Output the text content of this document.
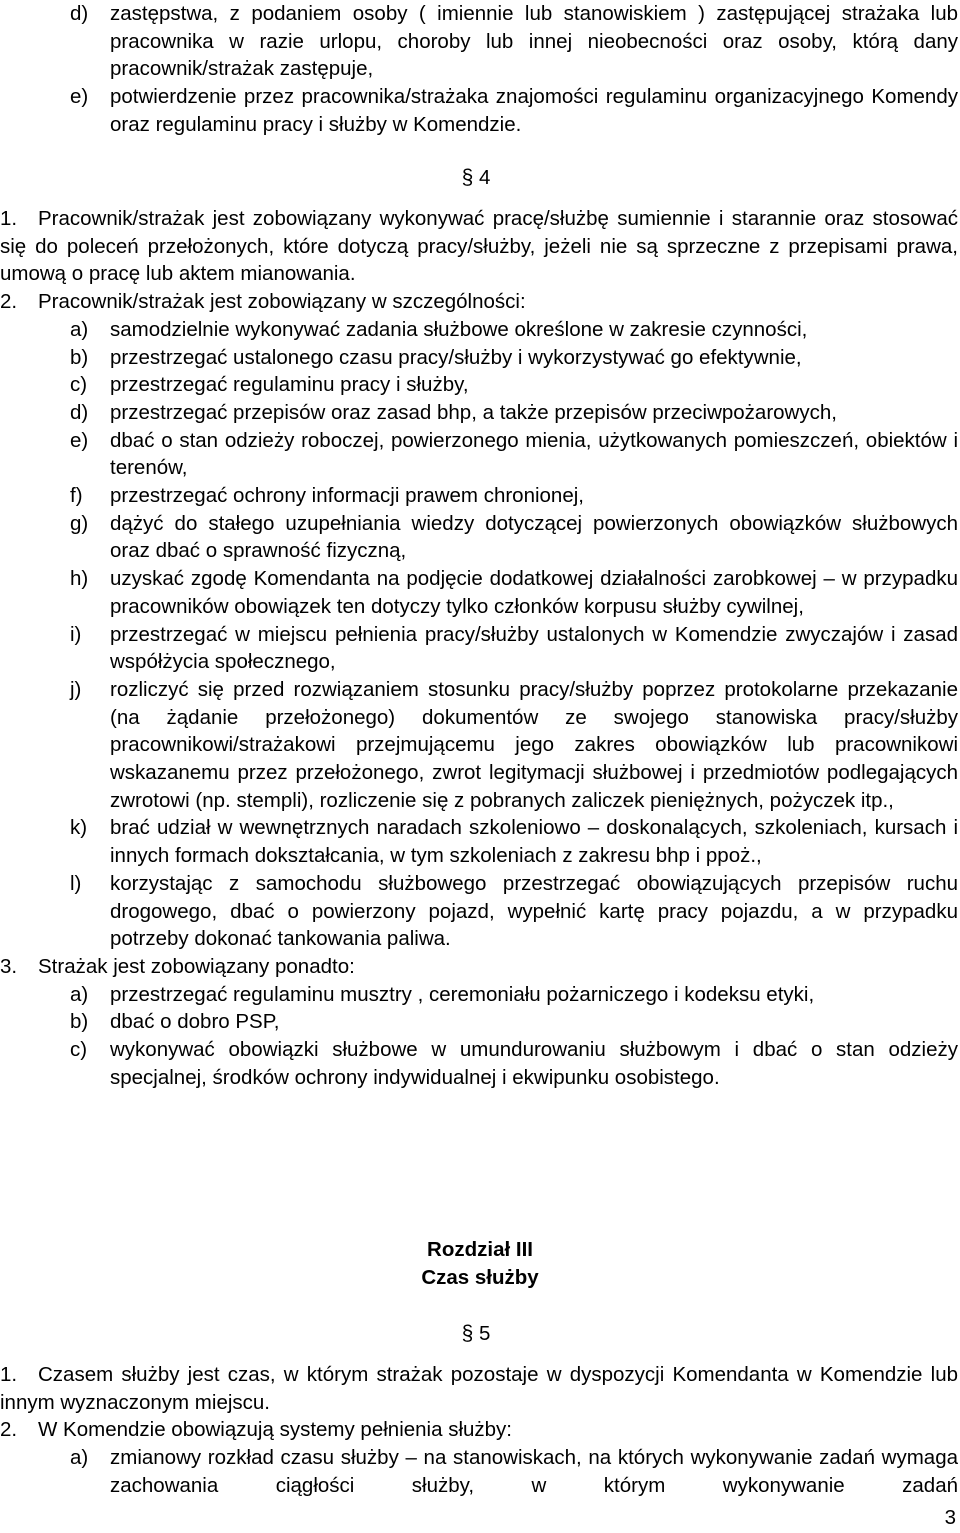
d)	zastępstwa, z podaniem osoby ( imiennie lub stanowiskiem ) zastępującej strażaka lub pracownika w razie urlopu, choroby lub innej nieobecności oraz osoby, którą dany pracownik/strażak zastępuje,
e)	potwierdzenie przez pracownika/strażaka znajomości regulaminu organizacyjnego Komendy oraz regulaminu pracy i służby w Komendzie.
§ 4
1.	Pracownik/strażak jest zobowiązany wykonywać pracę/służbę sumiennie i starannie oraz stosować się do poleceń przełożonych, które dotyczą pracy/służby, jeżeli nie są sprzeczne z przepisami prawa, umową o pracę lub aktem mianowania.
2.	Pracownik/strażak jest zobowiązany w szczególności:
a)	samodzielnie wykonywać zadania służbowe określone w zakresie czynności,
b)	przestrzegać ustalonego czasu pracy/służby i wykorzystywać go efektywnie,
c)	przestrzegać regulaminu pracy i służby,
d)	przestrzegać przepisów oraz zasad bhp, a także przepisów przeciwpożarowych,
e)	dbać o stan odzieży roboczej, powierzonego mienia, użytkowanych pomieszczeń, obiektów i terenów,
f)	przestrzegać ochrony informacji prawem chronionej,
g)	dążyć do stałego uzupełniania wiedzy dotyczącej powierzonych obowiązków służbowych oraz dbać o sprawność fizyczną,
h)	uzyskać zgodę Komendanta na podjęcie dodatkowej działalności zarobkowej – w przypadku pracowników obowiązek ten dotyczy tylko członków korpusu służby cywilnej,
i)	przestrzegać w miejscu pełnienia pracy/służby ustalonych w Komendzie zwyczajów i zasad współżycia społecznego,
j)	rozliczyć się przed rozwiązaniem stosunku pracy/służby poprzez protokolarne przekazanie (na żądanie przełożonego) dokumentów ze swojego stanowiska pracy/służby pracownikowi/strażakowi przejmującemu jego zakres obowiązków lub pracownikowi wskazanemu przez przełożonego, zwrot legitymacji służbowej i przedmiotów podlegających zwrotowi (np. stempli), rozliczenie się z pobranych zaliczek pieniężnych, pożyczek itp.,
k)	brać udział w wewnętrznych naradach szkoleniowo – doskonalących, szkoleniach, kursach i innych formach dokształcania, w tym szkoleniach z zakresu bhp i ppoż.,
l)	korzystając z samochodu służbowego przestrzegać obowiązujących przepisów ruchu drogowego, dbać o powierzony pojazd, wypełnić kartę pracy pojazdu, a w przypadku potrzeby dokonać tankowania paliwa.
3.	Strażak jest zobowiązany ponadto:
a)	przestrzegać regulaminu musztry , ceremoniału pożarniczego i kodeksu etyki,
b)	dbać o dobro PSP,
c)	wykonywać obowiązki służbowe w umundurowaniu służbowym i dbać o stan odzieży specjalnej, środków ochrony indywidualnej i ekwipunku osobistego.
Rozdział III
Czas służby
§ 5
1.	Czasem służby jest czas, w którym strażak pozostaje w dyspozycji Komendanta w Komendzie lub innym wyznaczonym miejscu.
2.	W Komendzie obowiązują systemy pełnienia służby:
a)	zmianowy rozkład czasu służby – na stanowiskach, na których wykonywanie zadań wymaga zachowania ciągłości służby, w którym wykonywanie zadań
3
